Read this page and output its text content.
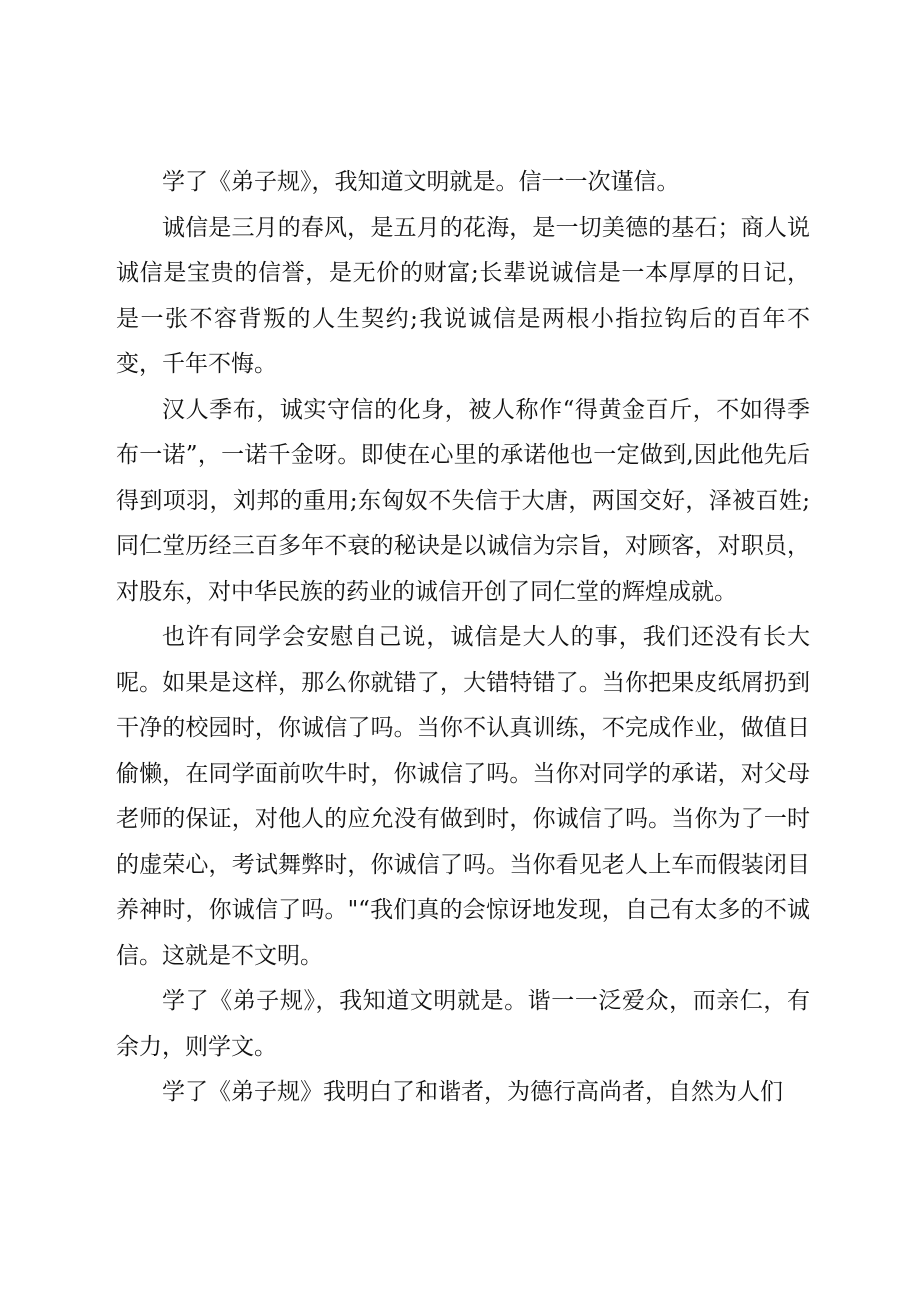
学了《弟子规》，我知道文明就是。信一一次谨信。

诚信是三月的春风，是五月的花海，是一切美德的基石；商人说诚信是宝贵的信誉，是无价的财富;长辈说诚信是一本厚厚的日记，是一张不容背叛的人生契约;我说诚信是两根小指拉钩后的百年不变，千年不悔。

汉人季布，诚实守信的化身，被人称作“得黄金百斤，不如得季布一诺”，一诺千金呀。即使在心里的承诺他也一定做到,因此他先后得到项羽，刘邦的重用;东匈奴不失信于大唐，两国交好，泽被百姓;同仁堂历经三百多年不衰的秘诀是以诚信为宗旨，对顾客，对职员，对股东，对中华民族的药业的诚信开创了同仁堂的辉煌成就。

也许有同学会安慰自己说，诚信是大人的事，我们还没有长大呢。如果是这样，那么你就错了，大错特错了。当你把果皮纸屑扔到干净的校园时，你诚信了吗。当你不认真训练，不完成作业，做值日偷懒，在同学面前吹牛时，你诚信了吗。当你对同学的承诺，对父母老师的保证，对他人的应允没有做到时，你诚信了吗。当你为了一时的虚荣心，考试舞弊时，你诚信了吗。当你看见老人上车而假装闭目养神时，你诚信了吗。"“我们真的会惊讶地发现，自己有太多的不诚信。这就是不文明。

学了《弟子规》，我知道文明就是。谐一一泛爱众，而亲仁，有余力，则学文。

学了《弟子规》我明白了和谐者，为德行高尚者，自然为人们
